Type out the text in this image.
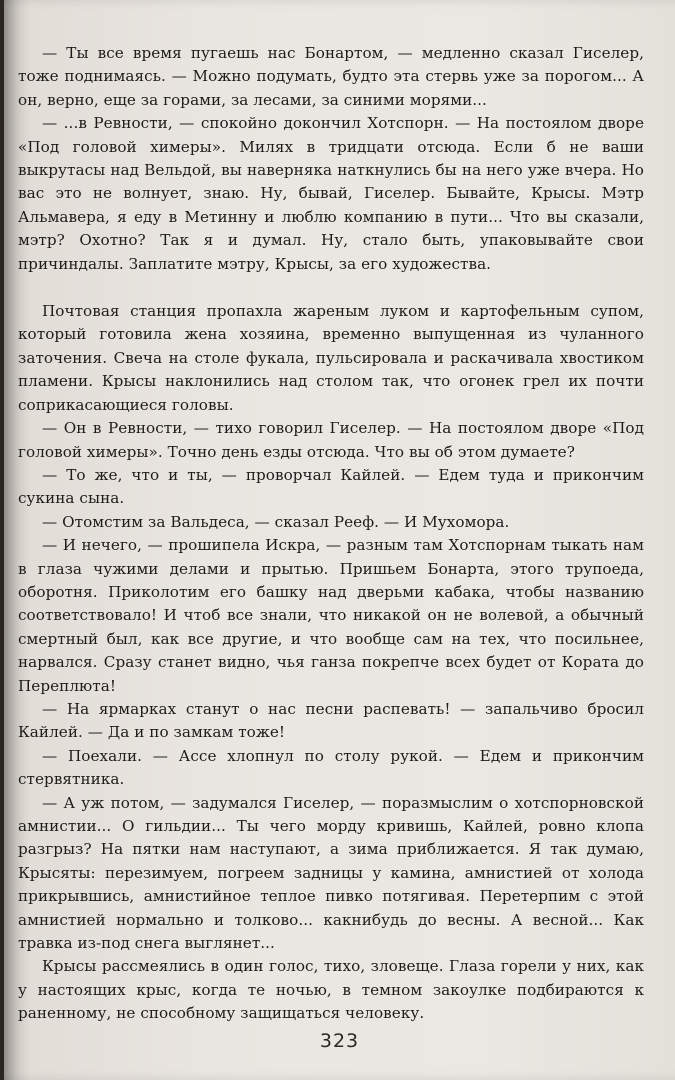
— Ты все время пугаешь нас Бонартом, — медленно сказал Гиселер, тоже поднимаясь. — Можно подумать, будто эта стервь уже за порогом... А он, верно, еще за горами, за лесами, за синими морями...

— ...в Ревности, — спокойно докончил Хотспорн. — На постоялом дворе «Под головой химеры». Милях в тридцати отсюда. Если б не ваши выкрутасы над Вельдой, вы наверняка наткнулись бы на него уже вчера. Но вас это не волнует, знаю. Ну, бывай, Гиселер. Бывайте, Крысы. Мэтр Альмавера, я еду в Метинну и люблю компанию в пути... Что вы сказали, мэтр? Охотно? Так я и думал. Ну, стало быть, упаковывайте свои причиндалы. Заплатите мэтру, Крысы, за его художества.

Почтовая станция пропахла жареным луком и картофельным супом, который готовила жена хозяина, временно выпущенная из чуланного заточения. Свеча на столе фукала, пульсировала и раскачивала хвостиком пламени. Крысы наклонились над столом так, что огонек грел их почти соприкасающиеся головы.

— Он в Ревности, — тихо говорил Гиселер. — На постоялом дворе «Под головой химеры». Точно день езды отсюда. Что вы об этом думаете?

— То же, что и ты, — проворчал Кайлей. — Едем туда и прикончим сукина сына.

— Отомстим за Вальдеса, — сказал Рееф. — И Мухомора.

— И нечего, — прошипела Искра, — разным там Хотспорнам тыкать нам в глаза чужими делами и прытью. Пришьем Бонарта, этого трупоеда, оборотня. Приколотим его башку над дверьми кабака, чтобы названию соответствовало! И чтоб все знали, что никакой он не волевой, а обычный смертный был, как все другие, и что вообще сам на тех, что посильнее, нарвался. Сразу станет видно, чья ганза покрепче всех будет от Кората до Переплюта!

— На ярмарках станут о нас песни распевать! — запальчиво бросил Кайлей. — Да и по замкам тоже!

— Поехали. — Ассе хлопнул по столу рукой. — Едем и прикончим стервятника.

— А уж потом, — задумался Гиселер, — поразмыслим о хотспорновской амнистии... О гильдии... Ты чего морду кривишь, Кайлей, ровно клопа разгрыз? На пятки нам наступают, а зима приближается. Я так думаю, Крысяты: перезимуем, погреем задницы у камина, амнистией от холода прикрывшись, амнистийное теплое пивко потягивая. Перетерпим с этой амнистией нормально и толково... какнибудь до весны. А весной... Как травка из-под снега выглянет...

Крысы рассмеялись в один голос, тихо, зловеще. Глаза горели у них, как у настоящих крыс, когда те ночью, в темном закоулке подбираются к раненному, не способному защищаться человеку.

323
